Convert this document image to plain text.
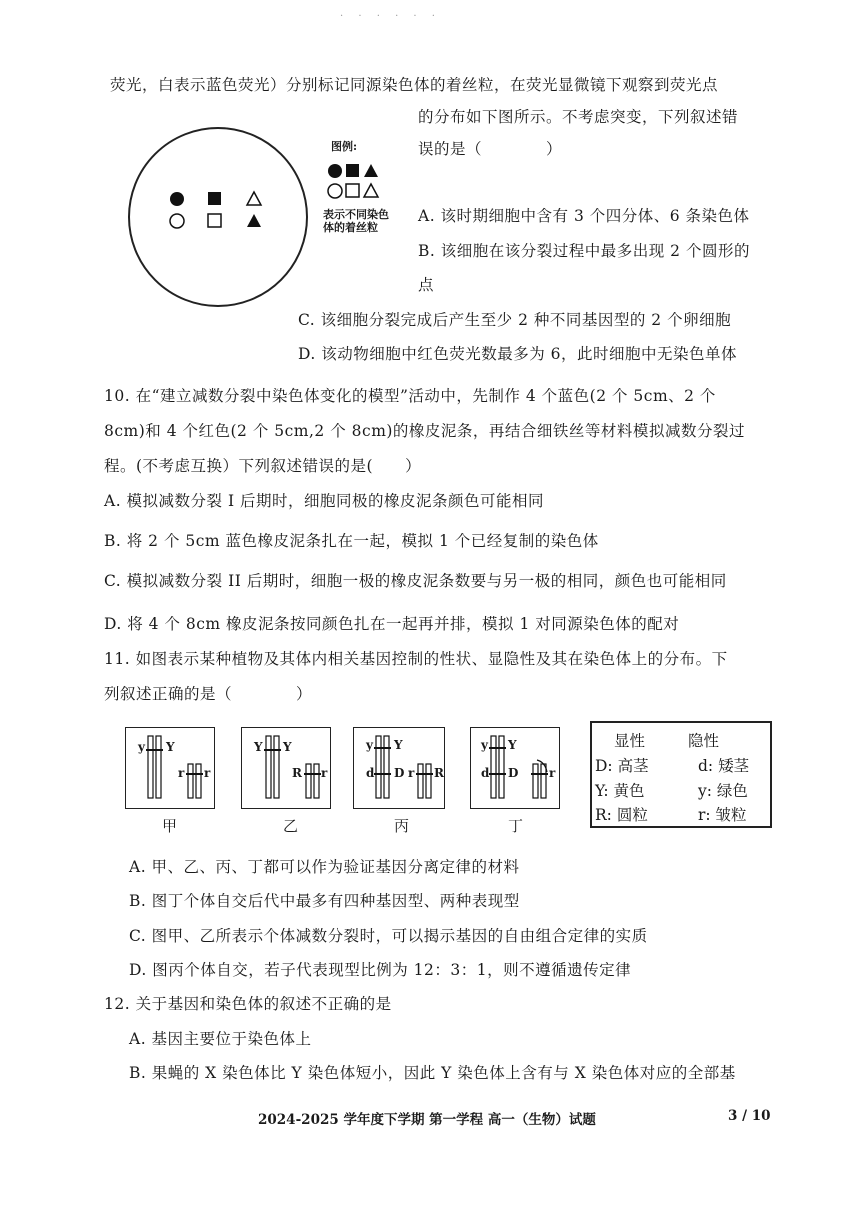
. . . . . .
荧光，白表示蓝色荧光）分别标记同源染色体的着丝粒，在荧光显微镜下观察到荧光点
的分布如下图所示。不考虑突变，下列叙述错
误的是（　　　　）
图例:
表示不同染色
体的着丝粒
A. 该时期细胞中含有 3 个四分体、6 条染色体
B. 该细胞在该分裂过程中最多出现 2 个圆形的
点
C. 该细胞分裂完成后产生至少 2 种不同基因型的 2 个卵细胞
D. 该动物细胞中红色荧光数最多为 6，此时细胞中无染色单体
10. 在“建立减数分裂中染色体变化的模型”活动中，先制作 4 个蓝色(2 个 5cm、2 个
8cm)和 4 个红色(2 个 5cm,2 个 8cm)的橡皮泥条，再结合细铁丝等材料模拟减数分裂过
程。(不考虑互换）下列叙述错误的是(　　）
A. 模拟减数分裂 I 后期时，细胞同极的橡皮泥条颜色可能相同
B. 将 2 个 5cm 蓝色橡皮泥条扎在一起，模拟 1 个已经复制的染色体
C. 模拟减数分裂 II 后期时，细胞一极的橡皮泥条数要与另一极的相同，颜色也可能相同
D. 将 4 个 8cm 橡皮泥条按同颜色扎在一起再并排，模拟 1 对同源染色体的配对
11. 如图表示某种植物及其体内相关基因控制的性状、显隐性及其在染色体上的分布。下
列叙述正确的是（　　　　）
y Y
r r
甲
Y Y
R r
乙
y Y
d D r R
丙
y Y
d D	r
丁
显性	隐性
D: 高茎	d: 矮茎
Y: 黄色	y: 绿色
R: 圆粒	r: 皱粒
A. 甲、乙、丙、丁都可以作为验证基因分离定律的材料
B. 图丁个体自交后代中最多有四种基因型、两种表现型
C. 图甲、乙所表示个体减数分裂时，可以揭示基因的自由组合定律的实质
D. 图丙个体自交，若子代表现型比例为 12：3：1，则不遵循遗传定律
12. 关于基因和染色体的叙述不正确的是
A. 基因主要位于染色体上
B. 果蝇的 X 染色体比 Y 染色体短小，因此 Y 染色体上含有与 X 染色体对应的全部基
2024-2025 学年度下学期 第一学程 高一（生物）试题	3 / 10
